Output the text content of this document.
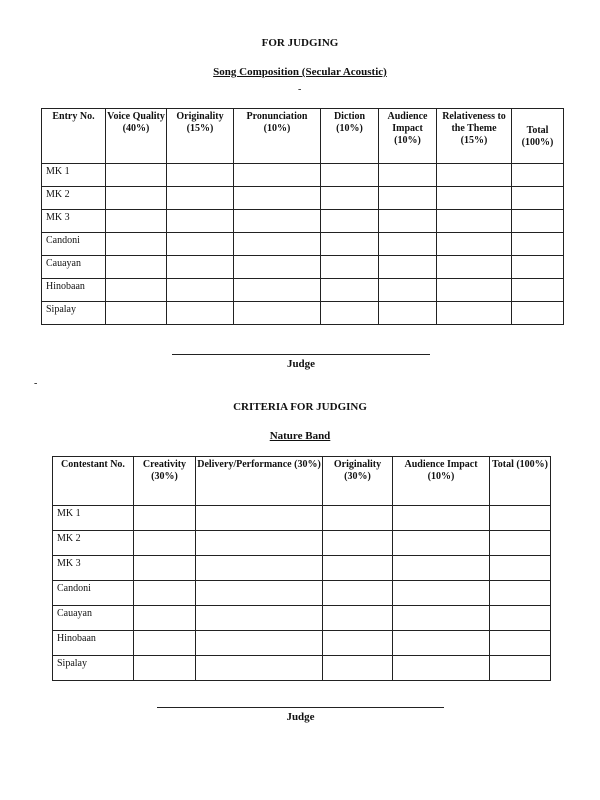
FOR JUDGING
Song Composition (Secular Acoustic)
-
Entry No.	Voice Quality (40%)	Originality (15%)	Pronunciation (10%)	Diction (10%)	Audience Impact (10%)	Relativeness to the Theme (15%)	Total (100%)
MK 1							
MK 2							
MK 3							
Candoni							
Cauayan							
Hinobaan							
Sipalay							
Judge
-
CRITERIA FOR JUDGING
Nature Band
Contestant No.	Creativity (30%)	Delivery/Performance (30%)	Originality (30%)	Audience Impact (10%)	Total (100%)
MK 1					
MK 2					
MK 3					
Candoni					
Cauayan					
Hinobaan					
Sipalay					
Judge
